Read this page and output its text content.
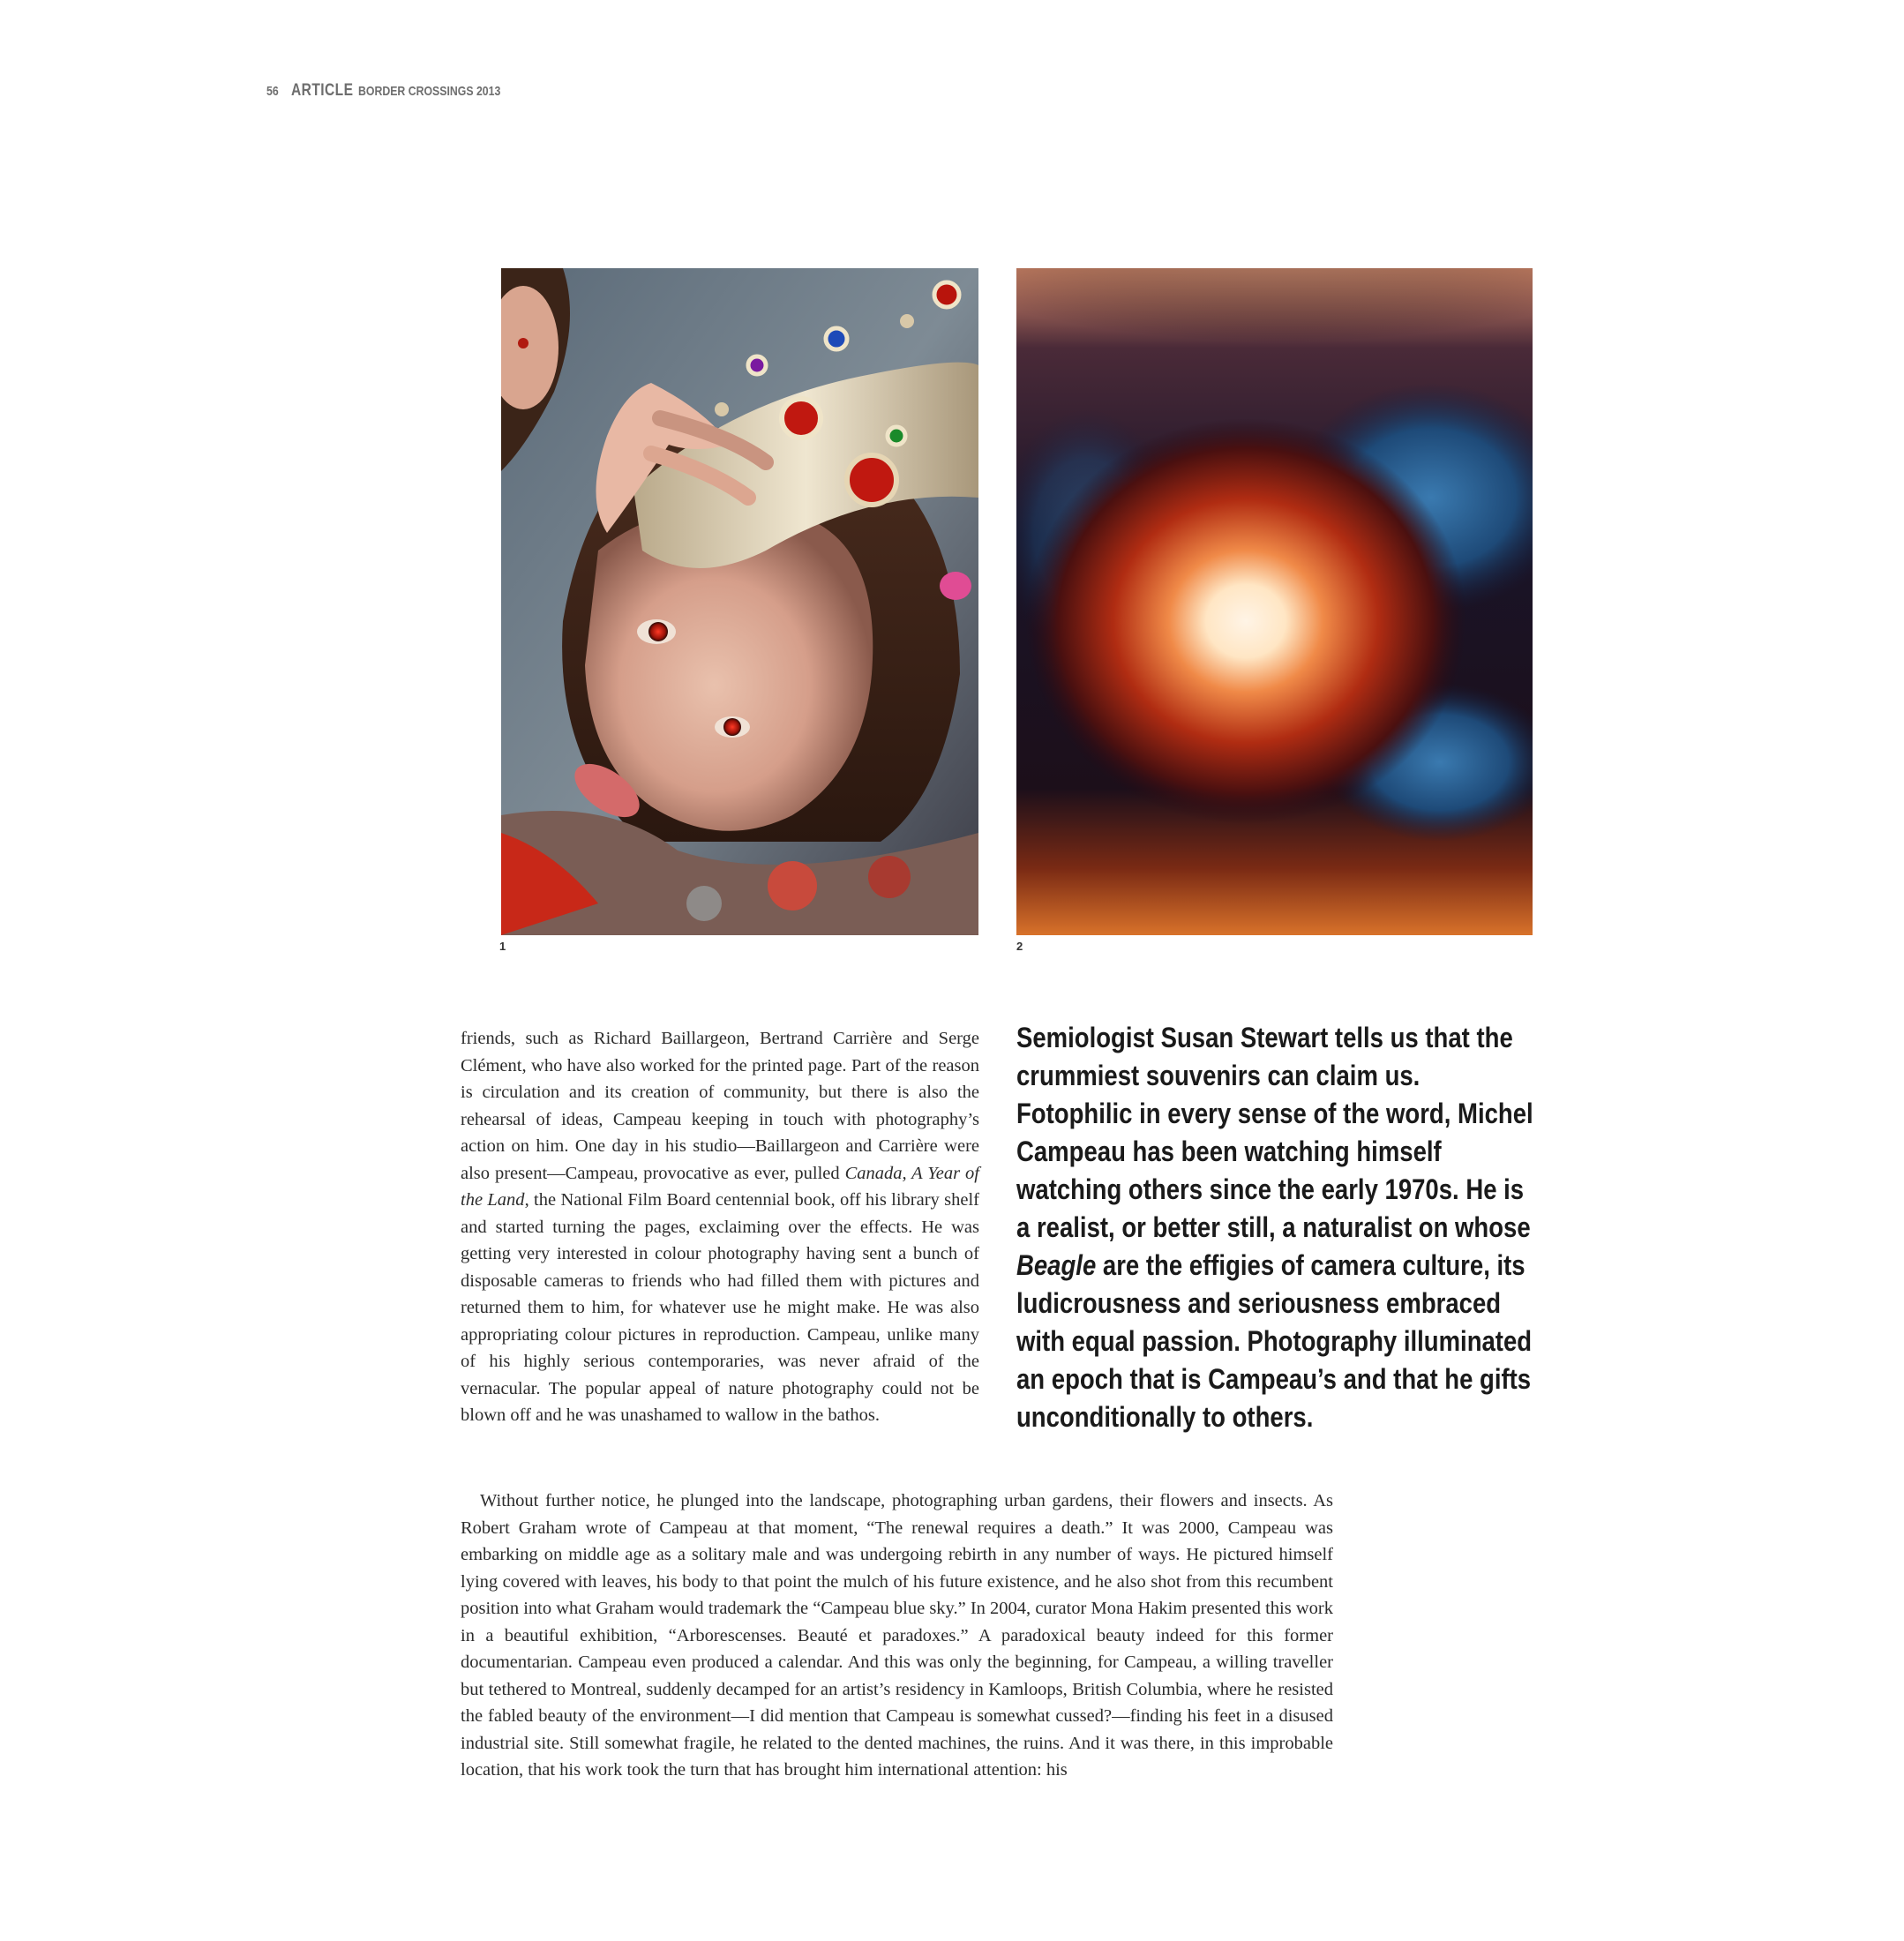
56 ARTICLE BORDER CROSSINGS 2013
1	2

friends, such as Richard Baillargeon, Bertrand Carrière and Serge Clément, who have also worked for the printed page. Part of the reason is circulation and its creation of community, but there is also the rehearsal of ideas, Campeau keeping in touch with photography’s action on him. One day in his studio—Baillargeon and Carrière were also present—Campeau, provocative as ever, pulled Canada, A Year of the Land, the National Film Board centennial book, off his library shelf and started turning the pages, exclaiming over the effects. He was getting very interested in colour photography having sent a bunch of disposable cameras to friends who had filled them with pictures and returned them to him, for whatever use he might make. He was also appropriating colour pictures in reproduction. Campeau, unlike many of his highly serious contemporaries, was never afraid of the vernacular. The popular appeal of nature photography could not be blown off and he was unashamed to wallow in the bathos.

Semiologist Susan Stewart tells us that the crummiest souvenirs can claim us. Fotophilic in every sense of the word, Michel Campeau has been watching himself watching others since the early 1970s. He is a realist, or better still, a naturalist on whose Beagle are the effigies of camera culture, its ludicrousness and seriousness embraced with equal passion. Photography illuminated an epoch that is Campeau’s and that he gifts unconditionally to others.

Without further notice, he plunged into the landscape, photographing urban gardens, their flowers and insects. As Robert Graham wrote of Campeau at that moment, “The renewal requires a death.” It was 2000, Campeau was embarking on middle age as a solitary male and was undergoing rebirth in any number of ways. He pictured himself lying covered with leaves, his body to that point the mulch of his future existence, and he also shot from this recumbent position into what Graham would trademark the “Campeau blue sky.” In 2004, curator Mona Hakim presented this work in a beautiful exhibition, “Arborescenses. Beauté et paradoxes.” A paradoxical beauty indeed for this former documentarian. Campeau even produced a calendar. And this was only the beginning, for Campeau, a willing traveller but tethered to Montreal, suddenly decamped for an artist’s residency in Kamloops, British Columbia, where he resisted the fabled beauty of the environment—I did mention that Campeau is somewhat cussed?—finding his feet in a disused industrial site. Still somewhat fragile, he related to the dented machines, the ruins. And it was there, in this improbable location, that his work took the turn that has brought him international attention: his
